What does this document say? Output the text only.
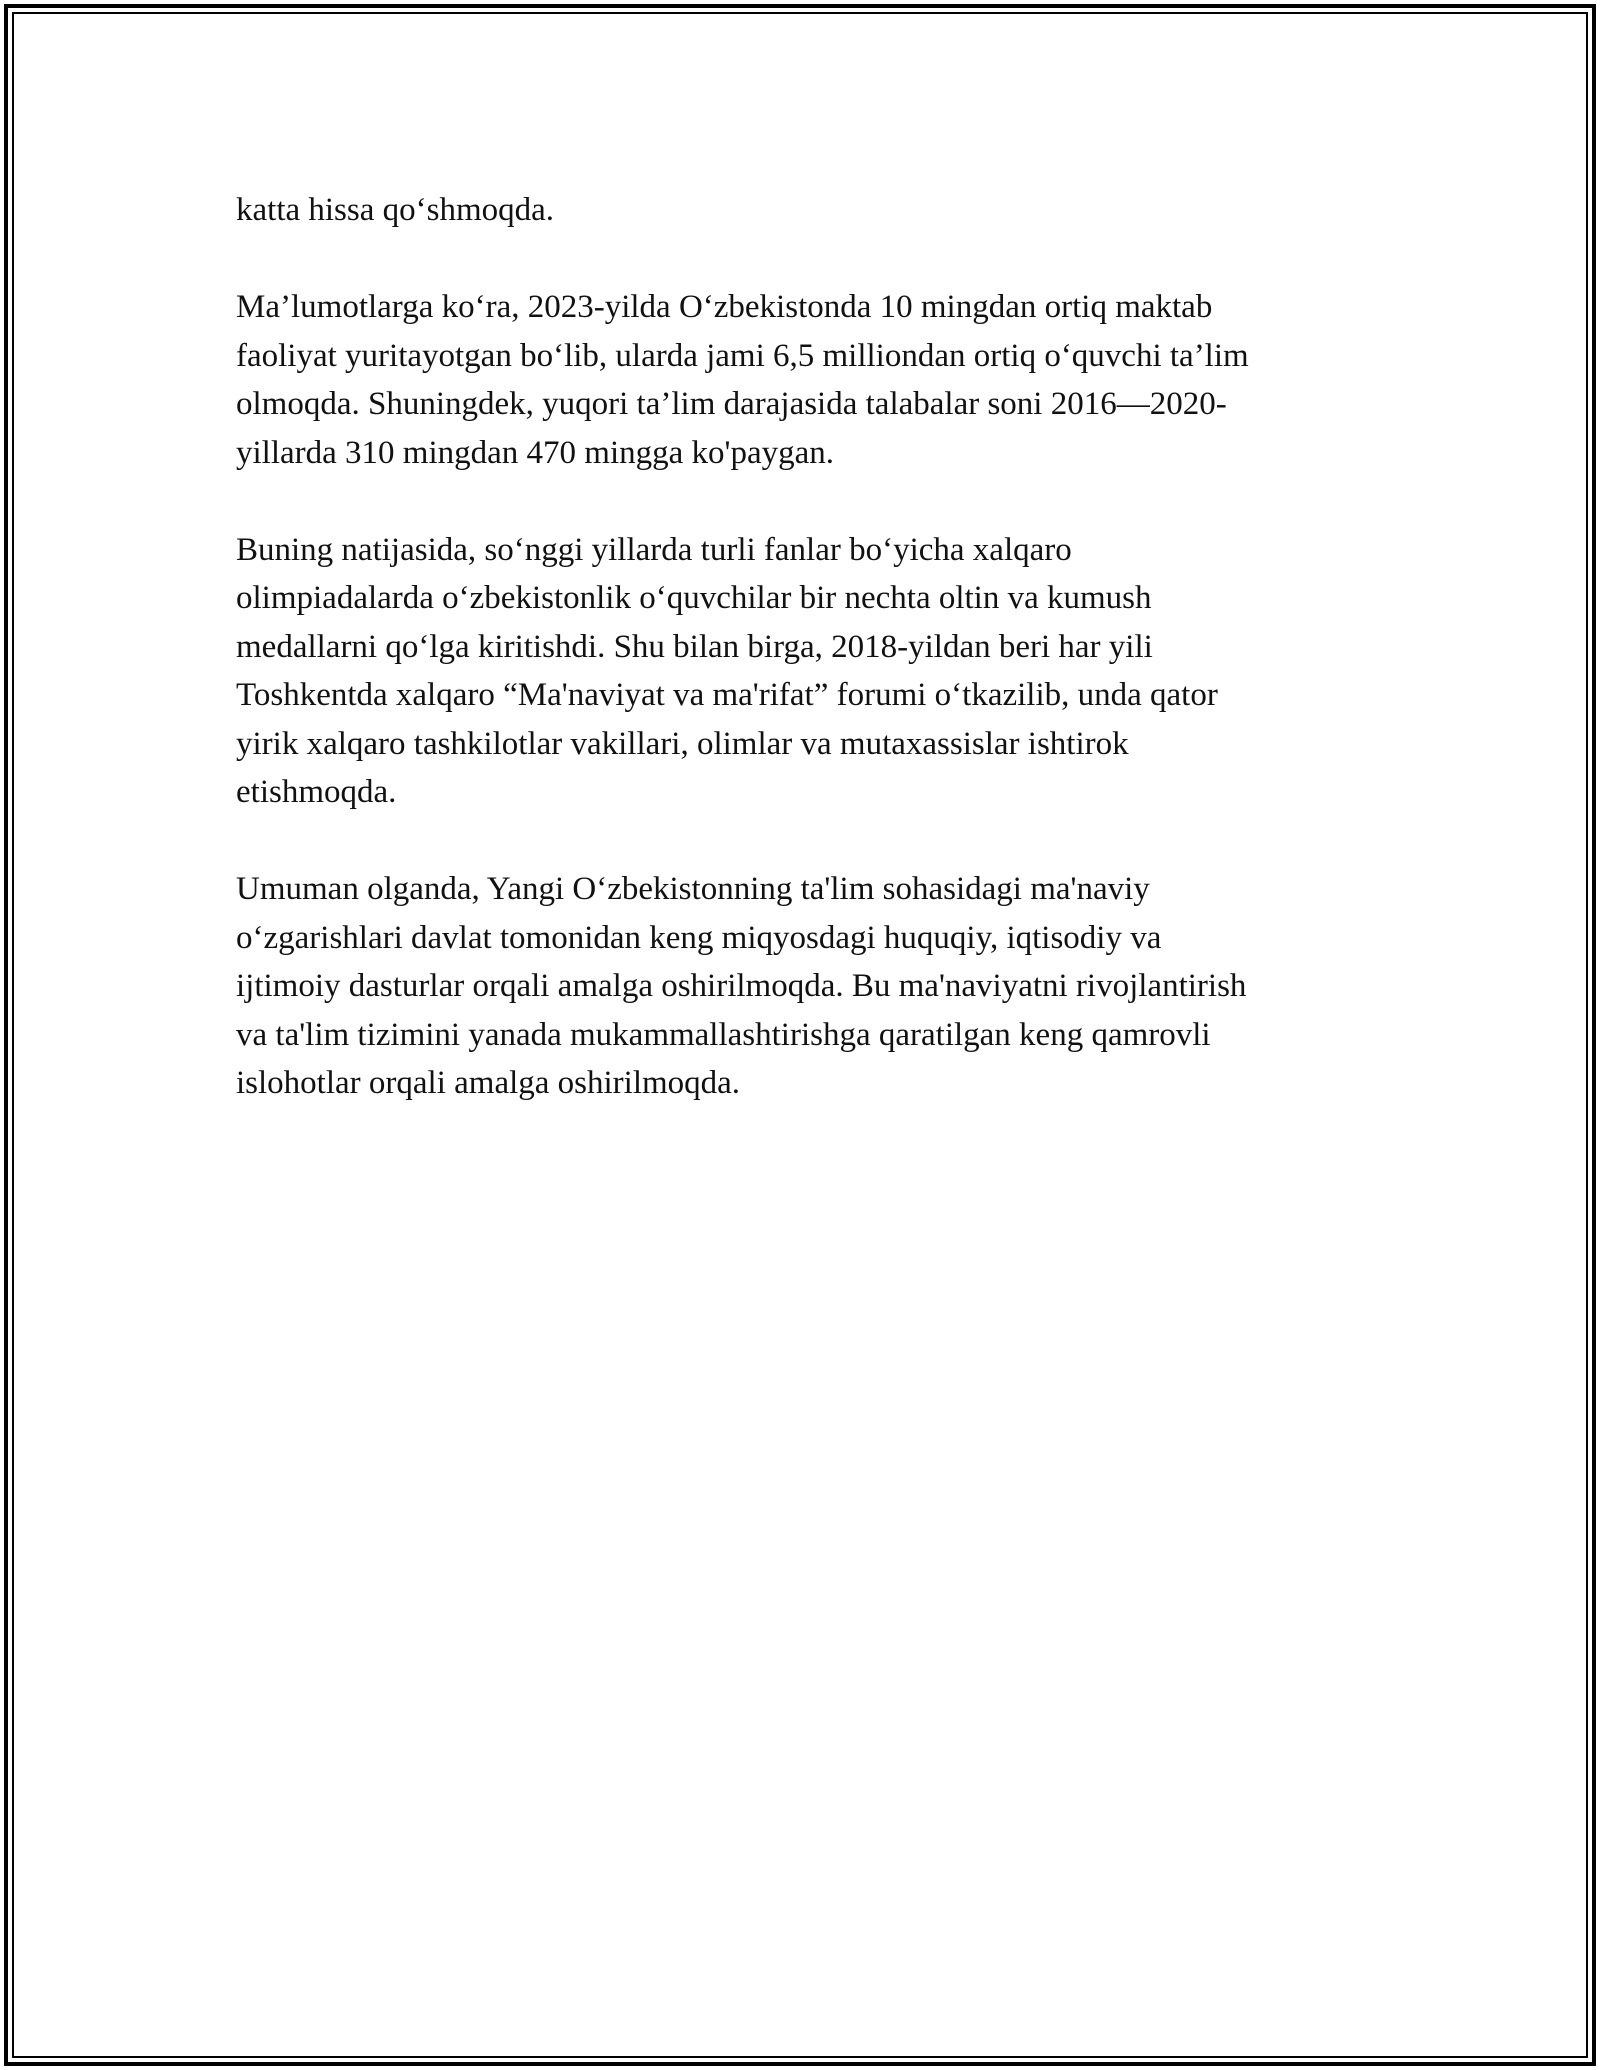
katta hissa qo‘shmoqda.

Ma’lumotlarga ko‘ra, 2023-yilda O‘zbekistonda 10 mingdan ortiq maktab
faoliyat yuritayotgan bo‘lib, ularda jami 6,5 milliondan ortiq o‘quvchi ta’lim
olmoqda. Shuningdek, yuqori ta’lim darajasida talabalar soni 2016—2020-
yillarda 310 mingdan 470 mingga ko'paygan.

Buning natijasida, so‘nggi yillarda turli fanlar bo‘yicha xalqaro
olimpiadalarda o‘zbekistonlik o‘quvchilar bir nechta oltin va kumush
medallarni qo‘lga kiritishdi. Shu bilan birga, 2018-yildan beri har yili
Toshkentda xalqaro “Ma'naviyat va ma'rifat” forumi o‘tkazilib, unda qator
yirik xalqaro tashkilotlar vakillari, olimlar va mutaxassislar ishtirok
etishmoqda.

Umuman olganda, Yangi O‘zbekistonning ta'lim sohasidagi ma'naviy
o‘zgarishlari davlat tomonidan keng miqyosdagi huquqiy, iqtisodiy va
ijtimoiy dasturlar orqali amalga oshirilmoqda. Bu ma'naviyatni rivojlantirish
va ta'lim tizimini yanada mukammallashtirishga qaratilgan keng qamrovli
islohotlar orqali amalga oshirilmoqda.
